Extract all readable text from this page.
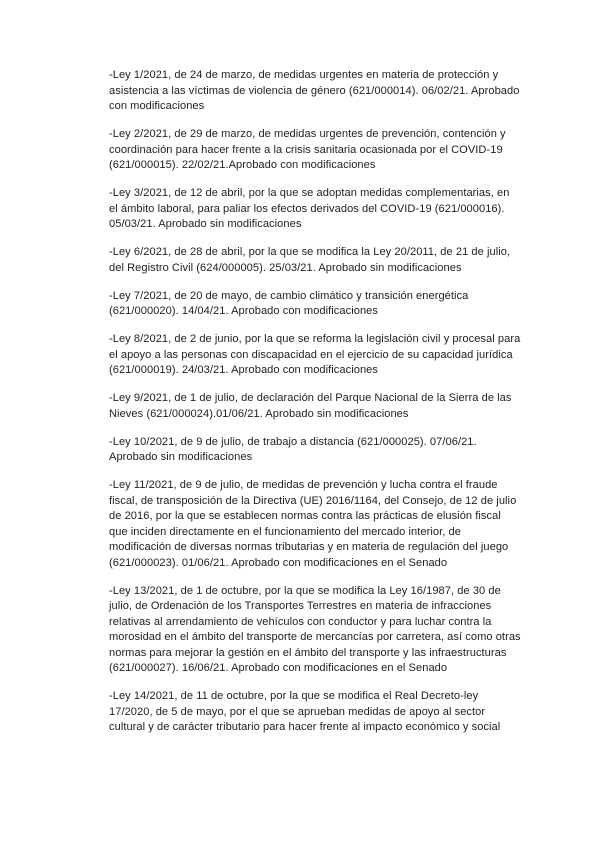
-Ley 1/2021, de 24 de marzo, de medidas urgentes en materia de protección y asistencia a las víctimas de violencia de género (621/000014). 06/02/21. Aprobado con modificaciones

-Ley 2/2021, de 29 de marzo, de medidas urgentes de prevención, contención y coordinación para hacer frente a la crisis sanitaria ocasionada por el COVID-19 (621/000015). 22/02/21.Aprobado con modificaciones

-Ley 3/2021, de 12 de abril, por la que se adoptan medidas complementarias, en el ámbito laboral, para paliar los efectos derivados del COVID-19 (621/000016). 05/03/21. Aprobado sin modificaciones

-Ley 6/2021, de 28 de abril, por la que se modifica la Ley 20/2011, de 21 de julio, del Registro Civil (624/000005). 25/03/21. Aprobado sin modificaciones

-Ley 7/2021, de 20 de mayo, de cambio climático y transición energética (621/000020). 14/04/21. Aprobado con modificaciones

-Ley 8/2021, de 2 de junio, por la que se reforma la legislación civil y procesal para el apoyo a las personas con discapacidad en el ejercicio de su capacidad jurídica (621/000019). 24/03/21. Aprobado con modificaciones

-Ley 9/2021, de 1 de julio, de declaración del Parque Nacional de la Sierra de las Nieves (621/000024).01/06/21. Aprobado sin modificaciones

-Ley 10/2021, de 9 de julio, de trabajo a distancia (621/000025). 07/06/21. Aprobado sin modificaciones

-Ley 11/2021, de 9 de julio, de medidas de prevención y lucha contra el fraude fiscal, de transposición de la Directiva (UE) 2016/1164, del Consejo, de 12 de julio de 2016, por la que se establecen normas contra las prácticas de elusión fiscal que inciden directamente en el funcionamiento del mercado interior, de modificación de diversas normas tributarias y en materia de regulación del juego (621/000023). 01/06/21. Aprobado con modificaciones en el Senado

-Ley 13/2021, de 1 de octubre, por la que se modifica la Ley 16/1987, de 30 de julio, de Ordenación de los Transportes Terrestres en materia de infracciones relativas al arrendamiento de vehículos con conductor y para luchar contra la morosidad en el ámbito del transporte de mercancías por carretera, así como otras normas para mejorar la gestión en el ámbito del transporte y las infraestructuras (621/000027). 16/06/21. Aprobado con modificaciones en el Senado

-Ley 14/2021, de 11 de octubre, por la que se modifica el Real Decreto-ley 17/2020, de 5 de mayo, por el que se aprueban medidas de apoyo al sector cultural y de carácter tributario para hacer frente al impacto económico y social
